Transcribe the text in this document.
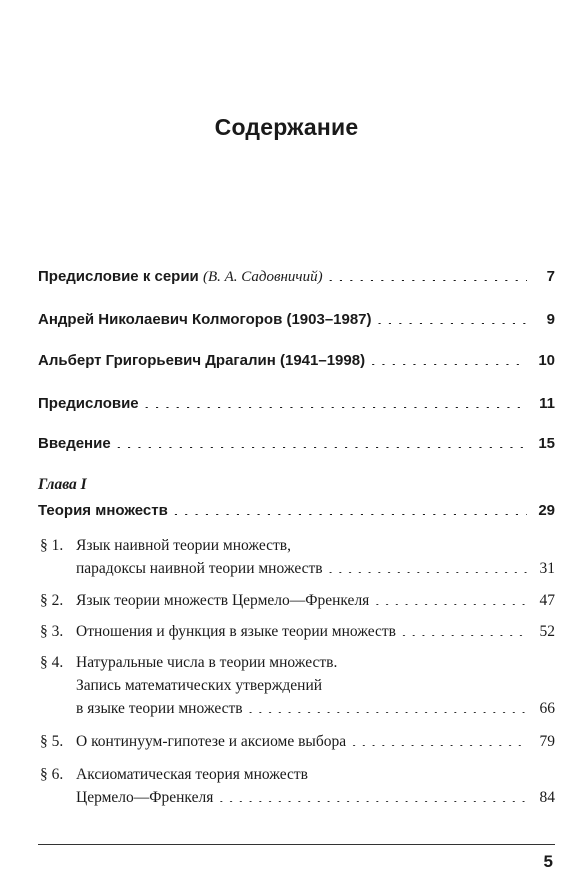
Содержание
Предисловие к серии (В. А. Садовничий) . . .	7
Андрей Николаевич Колмогоров (1903–1987) . . .	9
Альберт Григорьевич Драгалин (1941–1998) . . .	10
Предисловие . . .	11
Введение . . .	15
Глава I
Теория множеств . . .	29
§ 1. Язык наивной теории множеств,
парадоксы наивной теории множеств . . .	31
§ 2. Язык теории множеств Цермело—Френкеля . . .	47
§ 3. Отношения и функция в языке теории множеств . . .	52
§ 4. Натуральные числа в теории множеств.
Запись математических утверждений
в языке теории множеств . . .	66
§ 5. О континуум-гипотезе и аксиоме выбора . . .	79
§ 6. Аксиоматическая теория множеств
Цермело—Френкеля . . .	84
5
